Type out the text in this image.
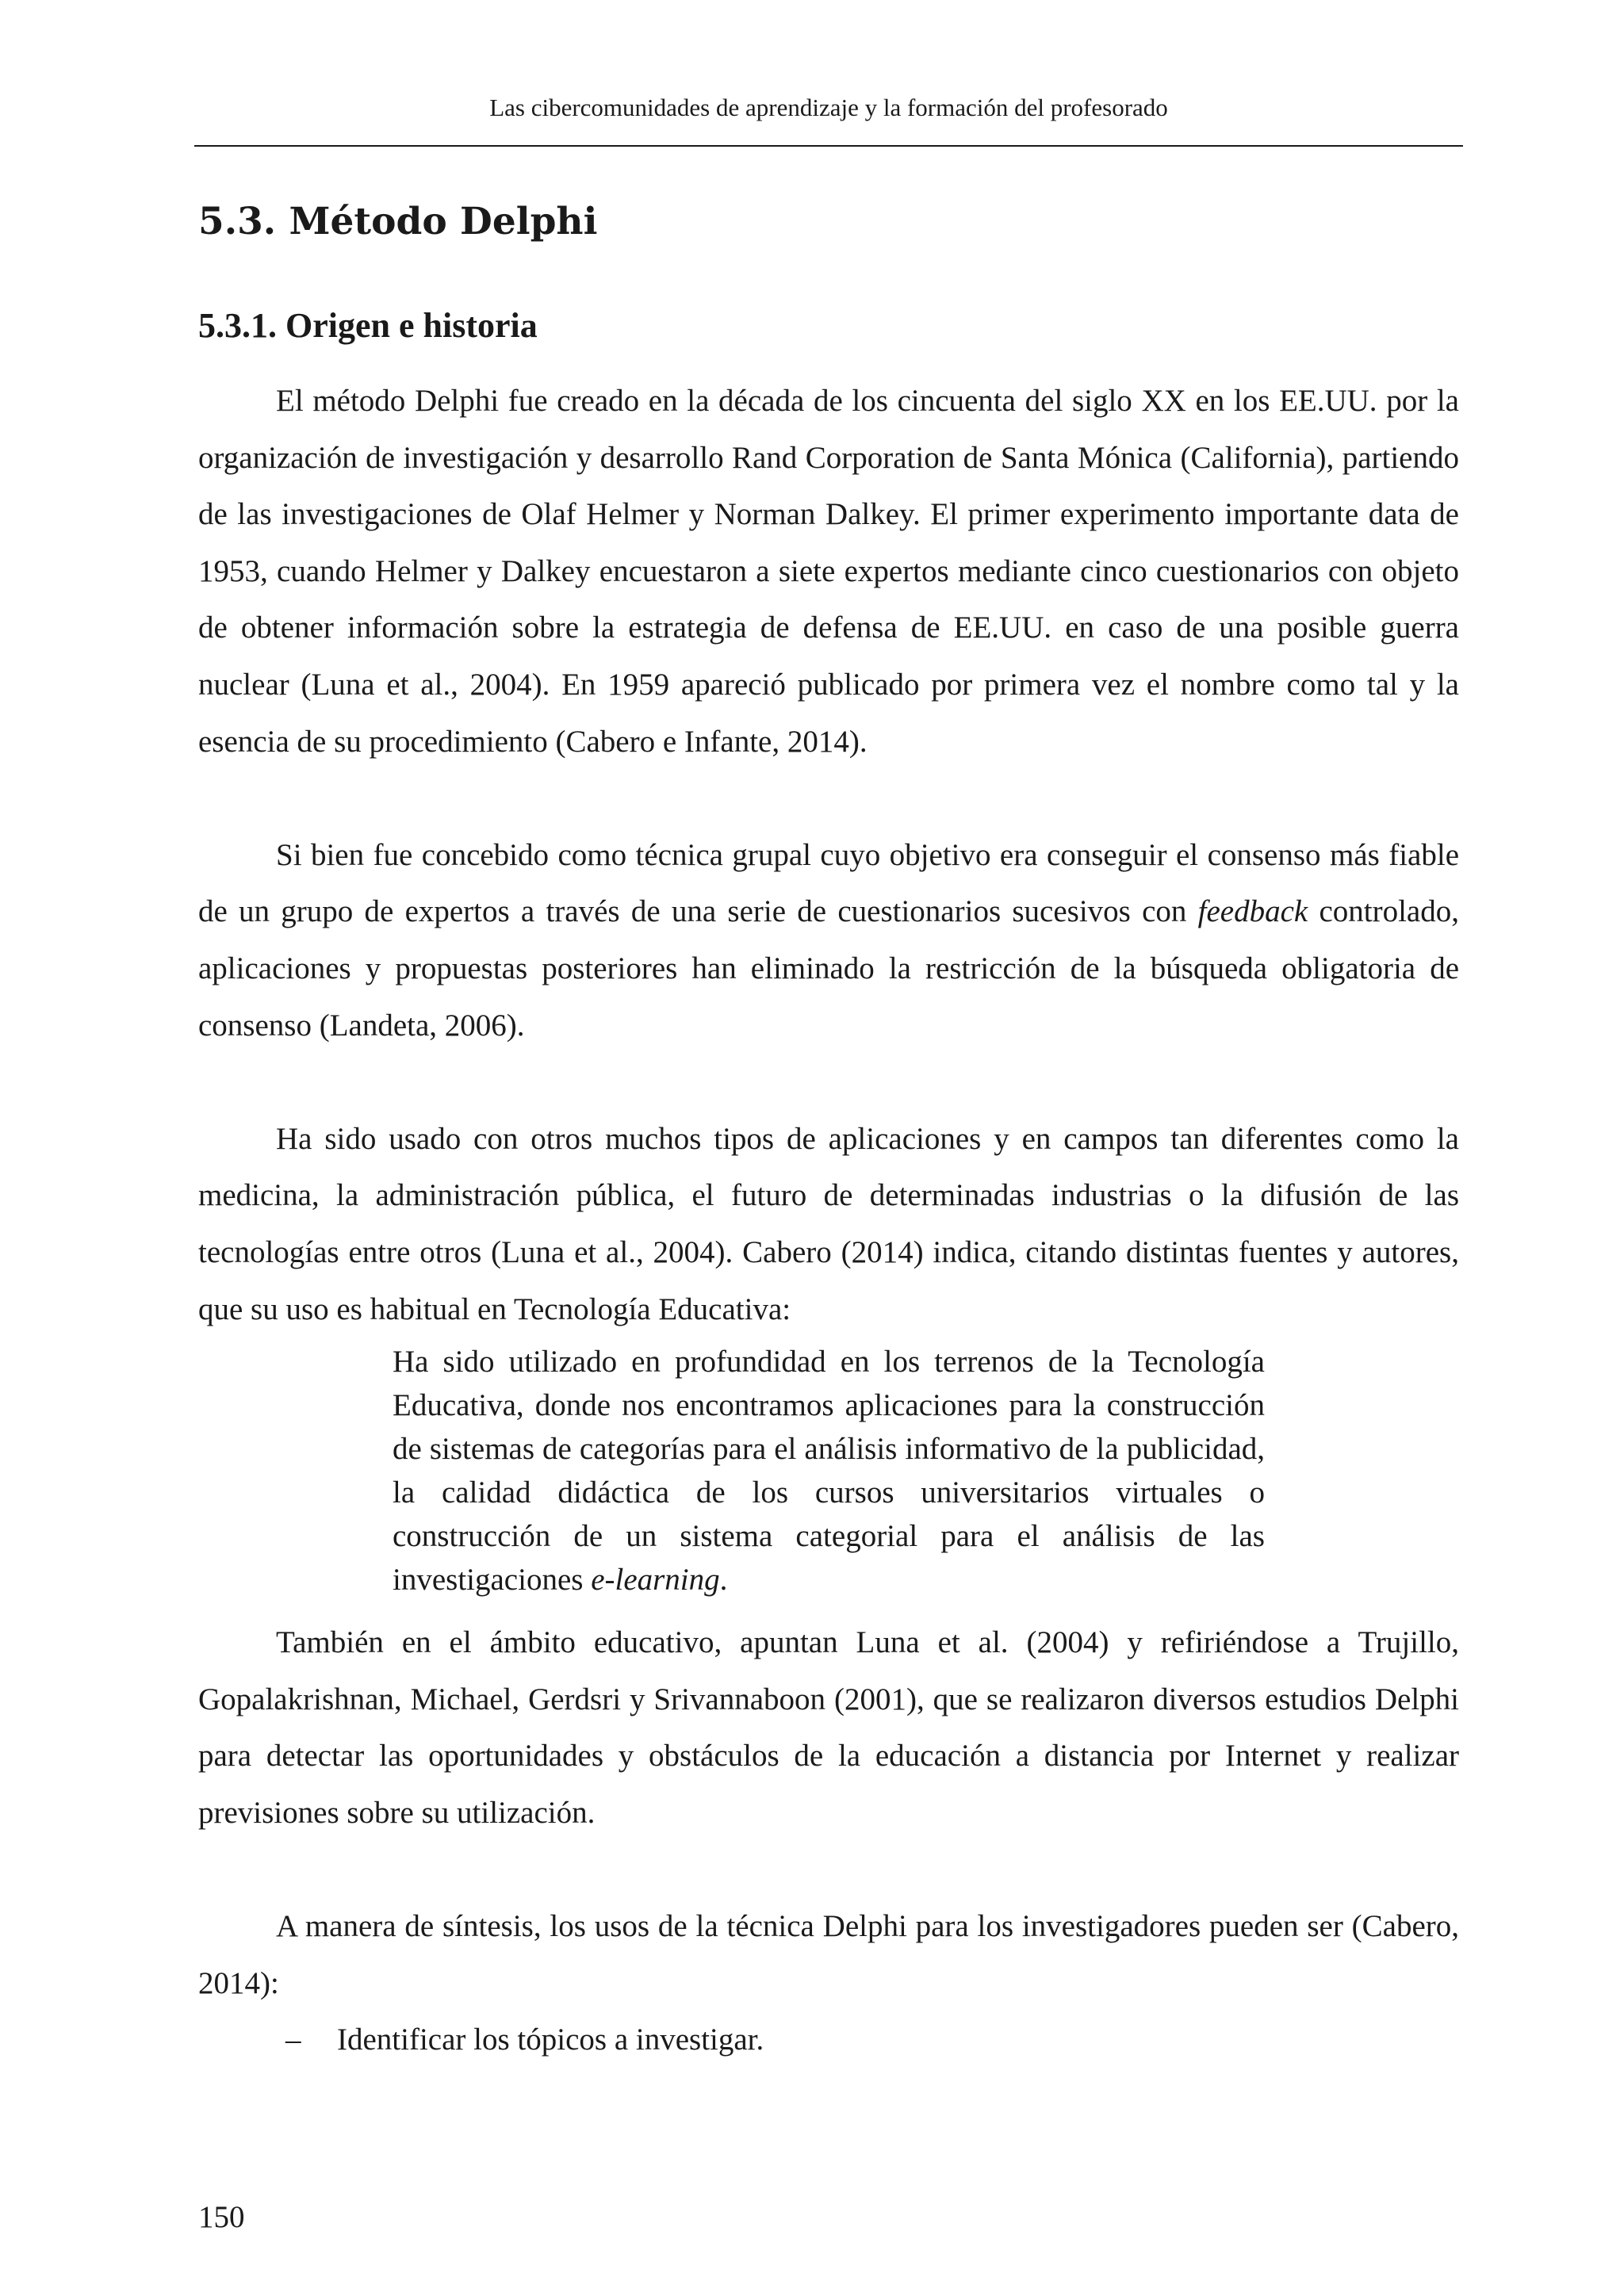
Las cibercomunidades de aprendizaje y la formación del profesorado
5.3. Método Delphi
5.3.1. Origen e historia

El método Delphi fue creado en la década de los cincuenta del siglo XX en los EE.UU. por la organización de investigación y desarrollo Rand Corporation de Santa Mónica (California), partiendo de las investigaciones de Olaf Helmer y Norman Dalkey. El primer experimento importante data de 1953, cuando Helmer y Dalkey encuestaron a siete expertos mediante cinco cuestionarios con objeto de obtener información sobre la estrategia de defensa de EE.UU. en caso de una posible guerra nuclear (Luna et al., 2004). En 1959 apareció publicado por primera vez el nombre como tal y la esencia de su procedimiento (Cabero e Infante, 2014).

Si bien fue concebido como técnica grupal cuyo objetivo era conseguir el consenso más fiable de un grupo de expertos a través de una serie de cuestionarios sucesivos con feedback controlado, aplicaciones y propuestas posteriores han eliminado la restricción de la búsqueda obligatoria de consenso (Landeta, 2006).

Ha sido usado con otros muchos tipos de aplicaciones y en campos tan diferentes como la medicina, la administración pública, el futuro de determinadas industrias o la difusión de las tecnologías entre otros (Luna et al., 2004). Cabero (2014) indica, citando distintas fuentes y autores, que su uso es habitual en Tecnología Educativa:

Ha sido utilizado en profundidad en los terrenos de la Tecnología Educativa, donde nos encontramos aplicaciones para la construcción de sistemas de categorías para el análisis informativo de la publicidad, la calidad didáctica de los cursos universitarios virtuales o construcción de un sistema categorial para el análisis de las investigaciones e-learning.

También en el ámbito educativo, apuntan Luna et al. (2004) y refiriéndose a Trujillo, Gopalakrishnan, Michael, Gerdsri y Srivannaboon (2001), que se realizaron diversos estudios Delphi para detectar las oportunidades y obstáculos de la educación a distancia por Internet y realizar previsiones sobre su utilización.

A manera de síntesis, los usos de la técnica Delphi para los investigadores pueden ser (Cabero, 2014):

– Identificar los tópicos a investigar.
150
